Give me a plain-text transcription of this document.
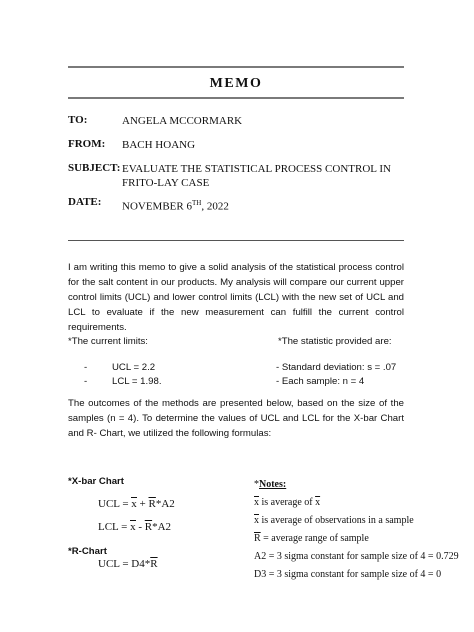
MEMO
TO:	ANGELA MCCORMARK
FROM: BACH HOANG
SUBJECT: EVALUATE THE STATISTICAL PROCESS CONTROL IN FRITO-LAY CASE
DATE: NOVEMBER 6TH, 2022
I am writing this memo to give a solid analysis of the statistical process control for the salt content in our products. My analysis will compare our current upper control limits (UCL) and lower control limits (LCL) with the new set of UCL and LCL to evaluate if the new measurement can fulfill the current control requirements.
*The current limits:	*The statistic provided are:
-	UCL = 2.2
-	LCL = 1.98.
- Standard deviation: s = .07
- Each sample: n = 4
The outcomes of the methods are presented below, based on the size of the samples (n = 4). To determine the values of UCL and LCL for the X-bar Chart and R- Chart, we utilized the following formulas:
*X-bar Chart
UCL = $\overline{x} + \overline{R}*A2$
LCL = $\overline{x} - \overline{R}*A2$
*R-Chart
UCL = $D4*\overline{R}$
*Notes:
$\overline{x}$ is average of $\overline{x}$
$\overline{x}$ is average of observations in a sample
$\overline{R}$ = average range of sample
A2 = 3 sigma constant for sample size of 4 = 0.729
D3 = 3 sigma constant for sample size of 4 = 0
